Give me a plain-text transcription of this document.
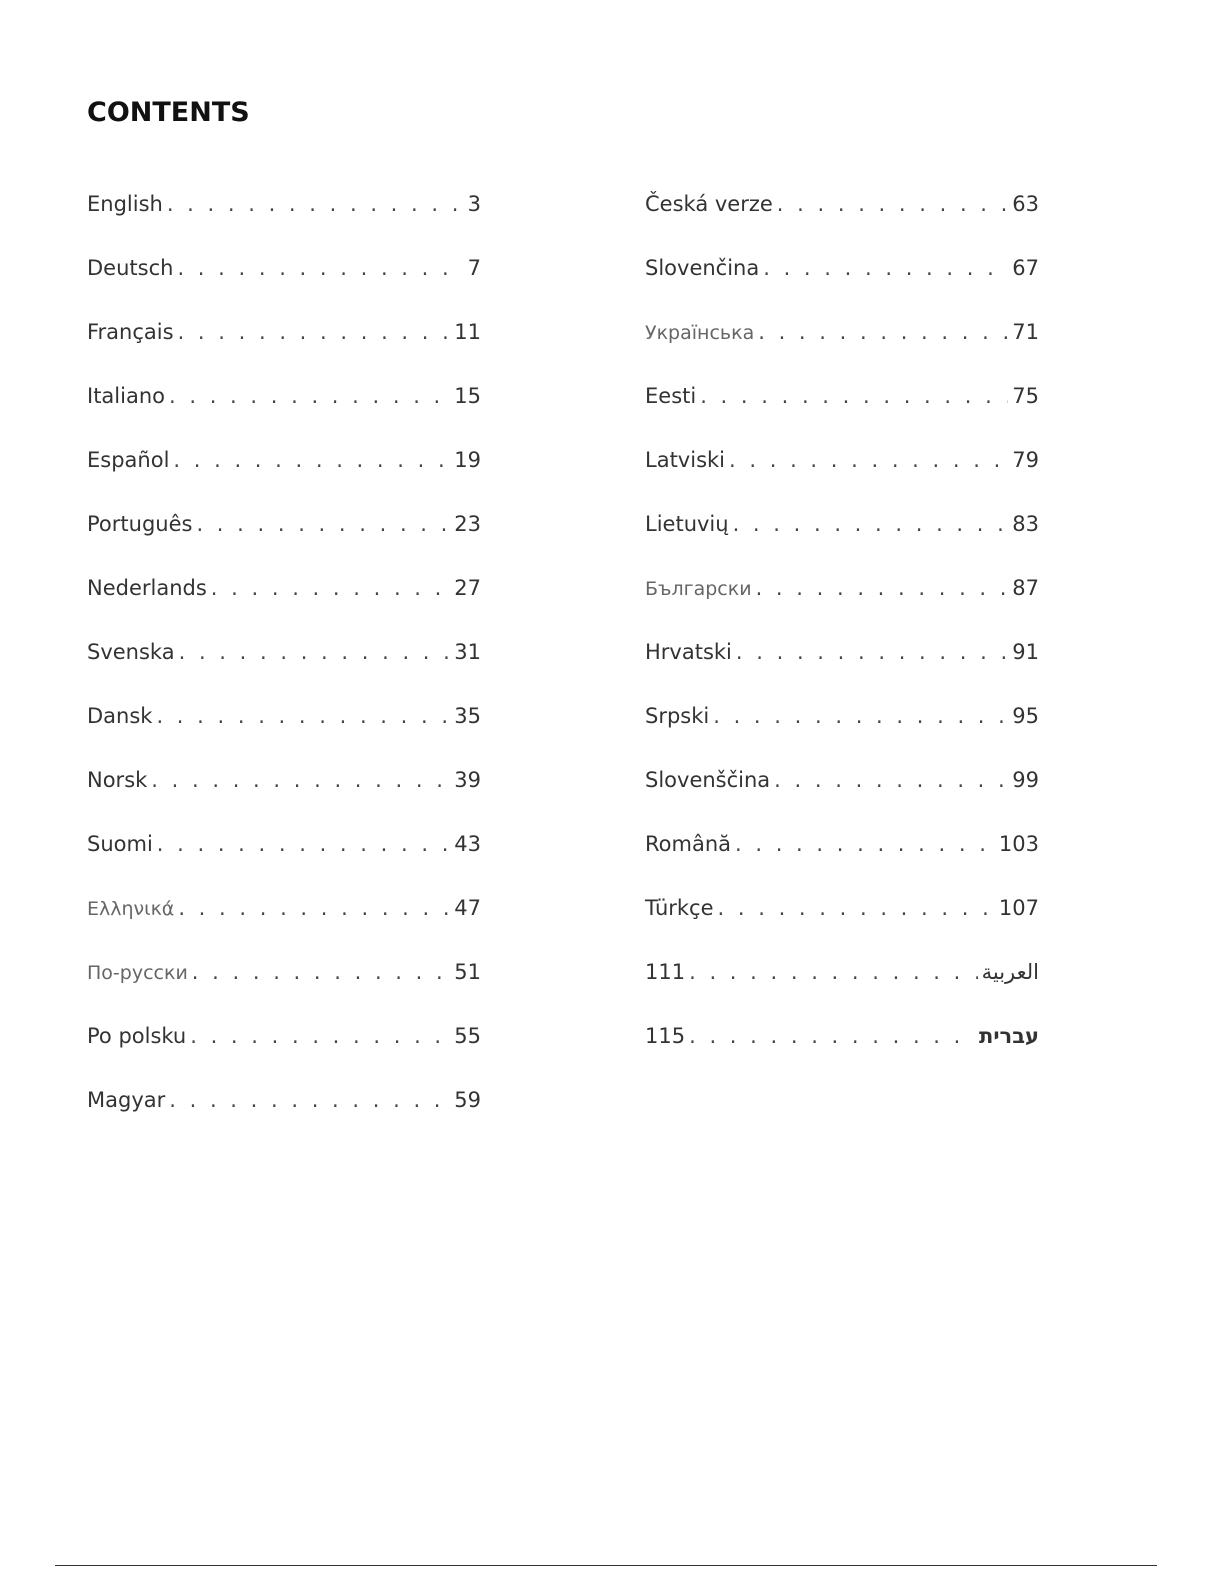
CONTENTS
English . . .	3
Deutsch . . .	7
Français . . .	11
Italiano . . .	15
Español . . .	19
Português . . .	23
Nederlands . . .	27
Svenska . . .	31
Dansk . . .	35
Norsk . . .	39
Suomi . . .	43
Ελληνικά . . .	47
По-русски . . .	51
Po polsku . . .	55
Magyar . . .	59
Česká verze . . .	63
Slovenčina . . .	67
Українська . . .	71
Eesti . . .	75
Latviski . . .	79
Lietuvių . . .	83
Български . . .	87
Hrvatski . . .	91
Srpski . . .	95
Slovenščina . . .	99
Română . . .	103
Türkçe . . .	107
111 . . .	العربية
115 . . .	עברית
